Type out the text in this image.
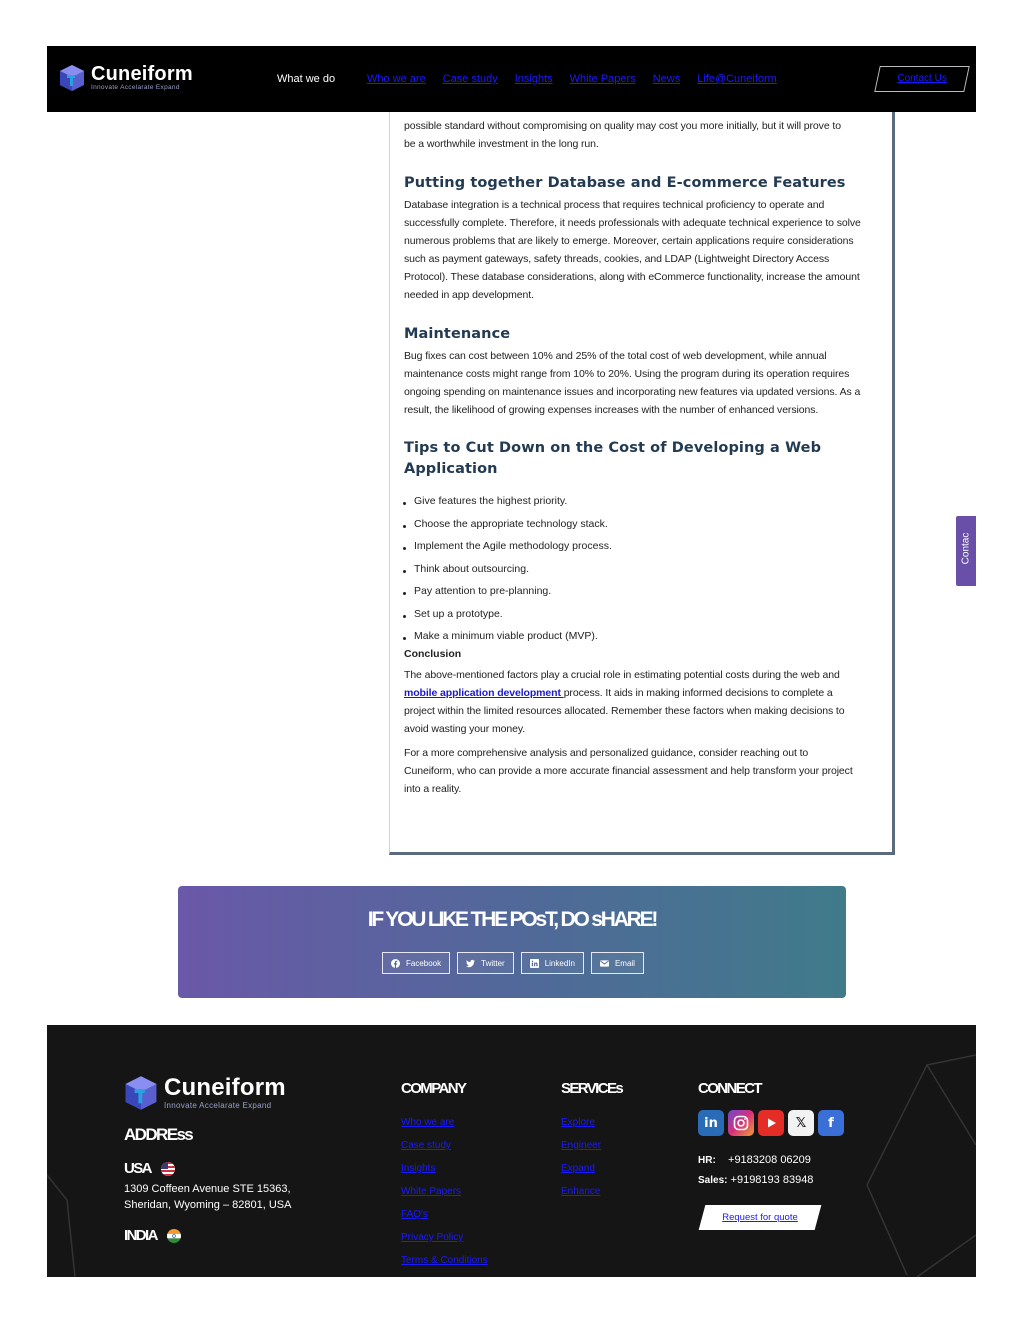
Cuneiform
Innovate Accelarate Expand
What we do	Who we are Case study Insights White Papers News Life@Cuneiform	Contact Us

possible standard without compromising on quality may cost you more initially, but it will prove to

be a worthwhile investment in the long run.

Putting together Database and E-commerce Features

Database integration is a technical process that requires technical proficiency to operate and

successfully complete. Therefore, it needs professionals with adequate technical experience to solve

numerous problems that are likely to emerge. Moreover, certain applications require considerations

such as payment gateways, safety threads, cookies, and LDAP (Lightweight Directory Access

Protocol). These database considerations, along with eCommerce functionality, increase the amount

needed in app development.

Maintenance

Bug fixes can cost between 10% and 25% of the total cost of web development, while annual

maintenance costs might range from 10% to 20%. Using the program during its operation requires

ongoing spending on maintenance issues and incorporating new features via updated versions. As a

result, the likelihood of growing expenses increases with the number of enhanced versions.

Tips to Cut Down on the Cost of Developing a Web
Application
Give features the highest priority.
Choose the appropriate technology stack.
Implement the Agile methodology process.
Think about outsourcing.
Pay attention to pre-planning.
Set up a prototype.
Make a minimum viable product (MVP).
Conclusion

The above-mentioned factors play a crucial role in estimating potential costs during the web and

mobile application development process. It aids in making informed decisions to complete a

project within the limited resources allocated. Remember these factors when making decisions to

avoid wasting your money.

For a more comprehensive analysis and personalized guidance, consider reaching out to

Cuneiform, who can provide a more accurate financial assessment and help transform your project

into a reality.

Contac
IF YOU LIKE THE POsT, DO sHARE!
Facebook	Twitter	LinkedIn	Email
Cuneiform
Innovate Accelarate Expand
ADDREss
USA
1309 Coffeen Avenue STE 15363,
Sheridan, Wyoming – 82801, USA
INDIA
COMPANY
Who we are
Case study
Insights
White Papers
FAQ's
Privacy Policy
Terms & Conditions
SERVICEs
Explore
Engineer
Expand
Enhance
CONNECT
in	𝕏	f
HR: +9183208 06209
Sales: +9198193 83948
Request for quote
